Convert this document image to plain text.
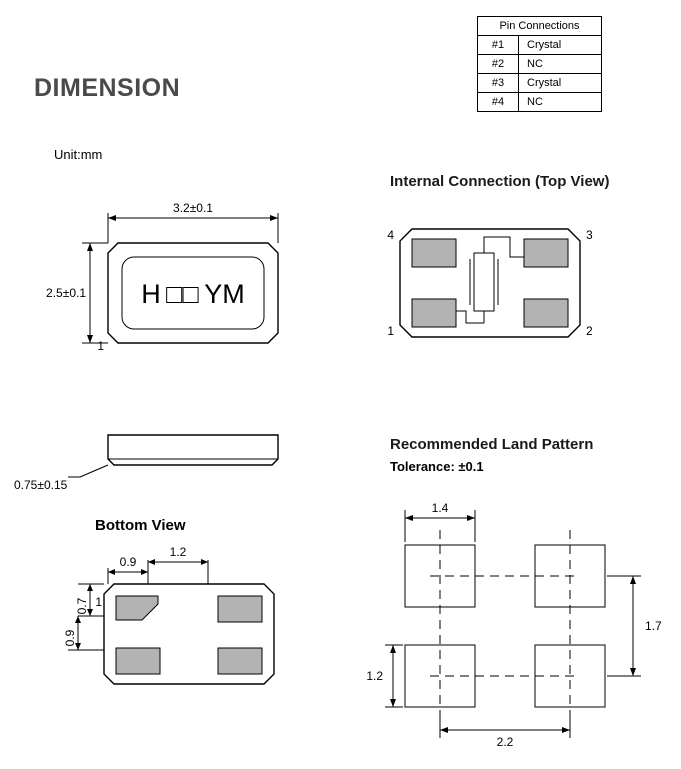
DIMENSION
Unit:mm
Internal Connection (Top View)
Recommended Land Pattern
Tolerance: ±0.1
Bottom View
Pin Connections	
#1	Crystal
#2	NC
#3	Crystal
#4	NC
3.2±0.1
2.5±0.1 H □□ YM
1
0.75±0.15
0.9
1.2
0.7
0.9
1
4	3
1	2
1.4
1.7
1.2
2.2
